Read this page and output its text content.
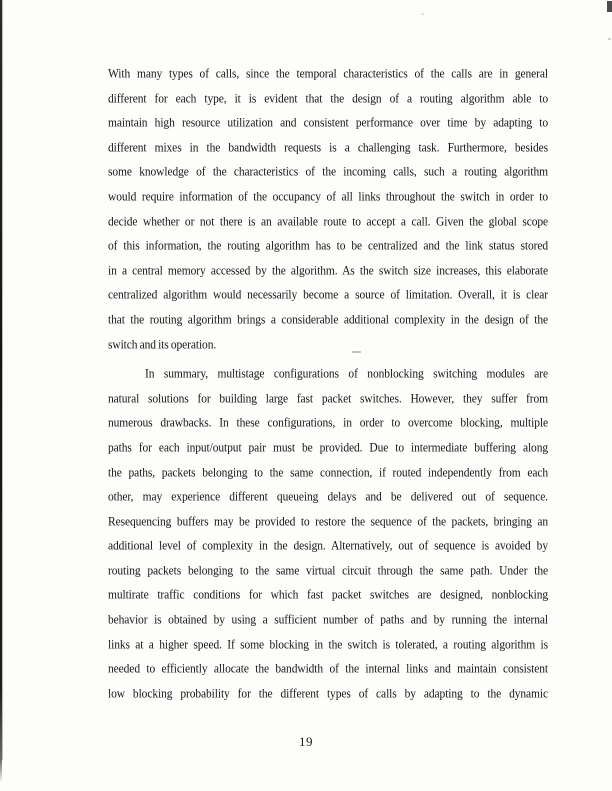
With many types of calls, since the temporal characteristics of the calls are in general
different for each type, it is evident that the design of a routing algorithm able to
maintain high resource utilization and consistent performance over time by adapting to
different mixes in the bandwidth requests is a challenging task. Furthermore, besides
some knowledge of the characteristics of the incoming calls, such a routing algorithm
would require information of the occupancy of all links throughout the switch in order to
decide whether or not there is an available route to accept a call. Given the global scope
of this information, the routing algorithm has to be centralized and the link status stored
in a central memory accessed by the algorithm. As the switch size increases, this elaborate
centralized algorithm would necessarily become a source of limitation. Overall, it is clear
that the routing algorithm brings a considerable additional complexity in the design of the
switch and its operation.
In summary, multistage configurations of nonblocking switching modules are
natural solutions for building large fast packet switches. However, they suffer from
numerous drawbacks. In these configurations, in order to overcome blocking, multiple
paths for each input/output pair must be provided. Due to intermediate buffering along
the paths, packets belonging to the same connection, if routed independently from each
other, may experience different queueing delays and be delivered out of sequence.
Resequencing buffers may be provided to restore the sequence of the packets, bringing an
additional level of complexity in the design. Alternatively, out of sequence is avoided by
routing packets belonging to the same virtual circuit through the same path. Under the
multirate traffic conditions for which fast packet switches are designed, nonblocking
behavior is obtained by using a sufficient number of paths and by running the internal
links at a higher speed. If some blocking in the switch is tolerated, a routing algorithm is
needed to efficiently allocate the bandwidth of the internal links and maintain consistent
low blocking probability for the different types of calls by adapting to the dynamic
19
